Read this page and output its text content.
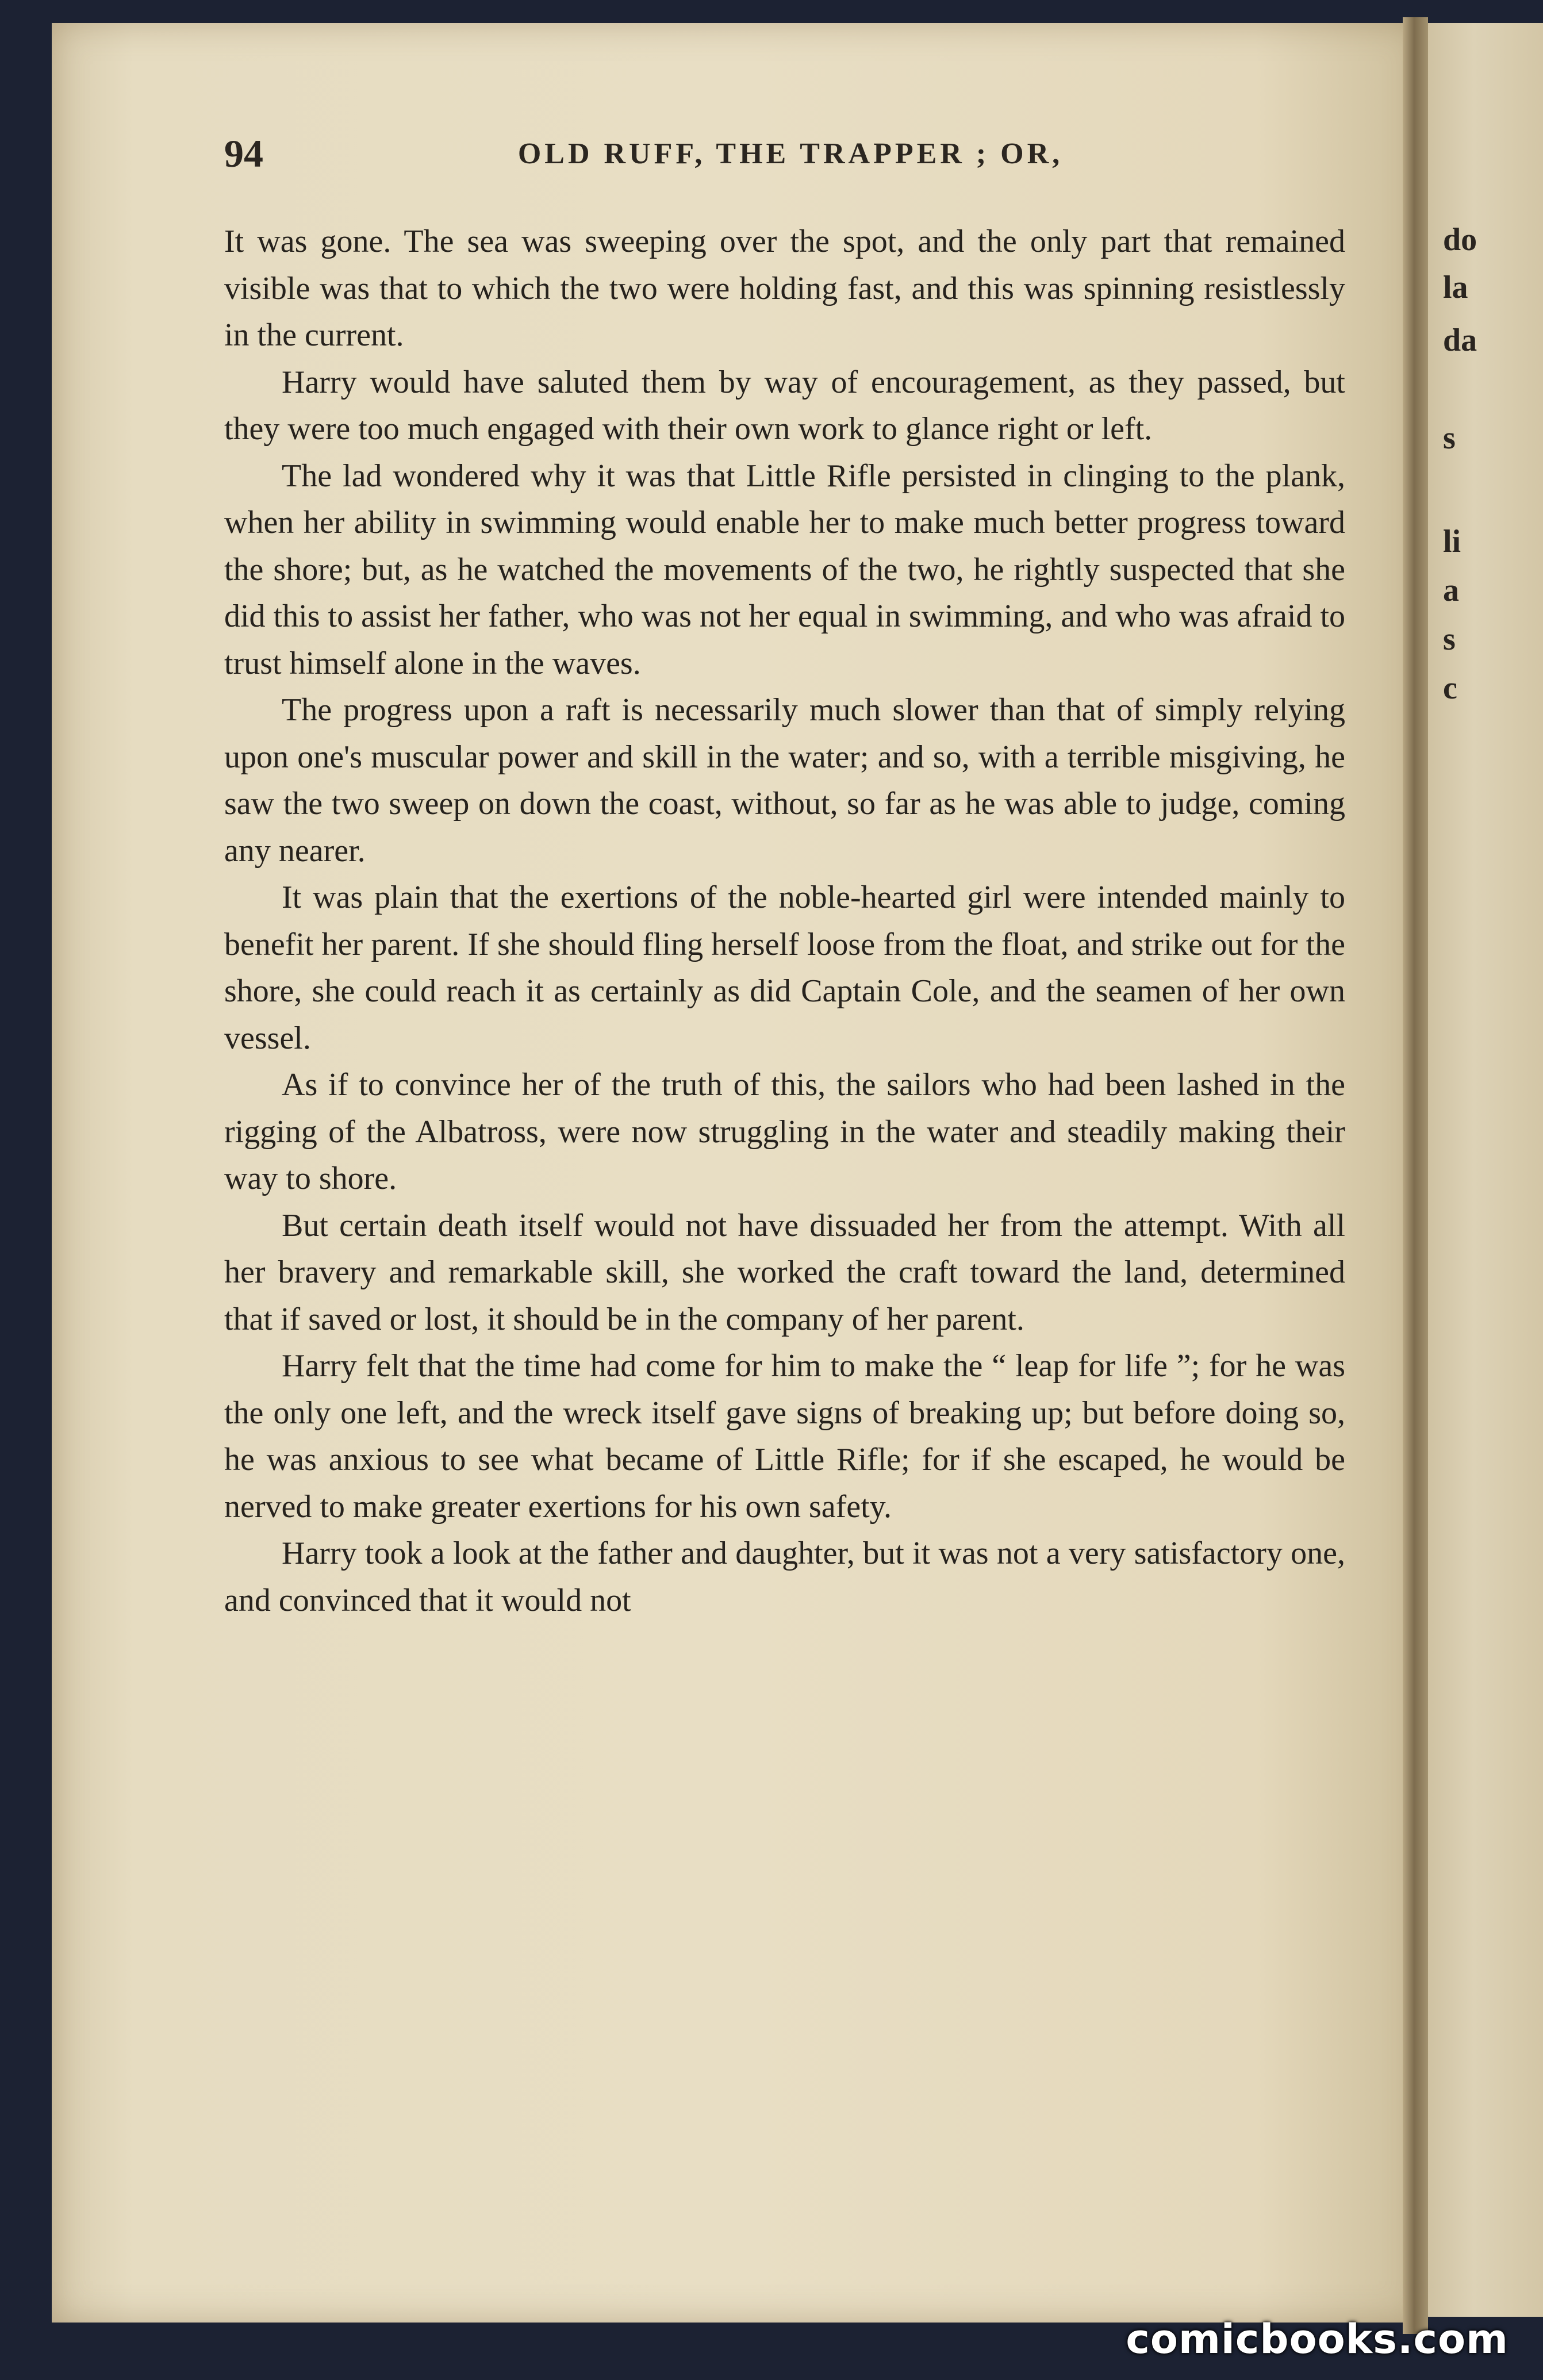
do
la
da
s
li
a
s
c
94	OLD RUFF, THE TRAPPER ; OR,

It was gone. The sea was sweeping over the spot, and the only part that remained visible was that to which the two were holding fast, and this was spinning resistlessly in the current.

Harry would have saluted them by way of encouragement, as they passed, but they were too much engaged with their own work to glance right or left.

The lad wondered why it was that Little Rifle persisted in clinging to the plank, when her ability in swimming would enable her to make much better progress toward the shore; but, as he watched the movements of the two, he rightly suspected that she did this to assist her father, who was not her equal in swimming, and who was afraid to trust himself alone in the waves.

The progress upon a raft is necessarily much slower than that of simply relying upon one's muscular power and skill in the water; and so, with a terrible misgiving, he saw the two sweep on down the coast, without, so far as he was able to judge, coming any nearer.

It was plain that the exertions of the noble-hearted girl were intended mainly to benefit her parent. If she should fling herself loose from the float, and strike out for the shore, she could reach it as certainly as did Captain Cole, and the seamen of her own vessel.

As if to convince her of the truth of this, the sailors who had been lashed in the rigging of the Albatross, were now struggling in the water and steadily making their way to shore.

But certain death itself would not have dissuaded her from the attempt. With all her bravery and remarkable skill, she worked the craft toward the land, determined that if saved or lost, it should be in the company of her parent.

Harry felt that the time had come for him to make the “ leap for life ”; for he was the only one left, and the wreck itself gave signs of breaking up; but before doing so, he was anxious to see what became of Little Rifle; for if she escaped, he would be nerved to make greater exertions for his own safety.

Harry took a look at the father and daughter, but it was not a very satisfactory one, and convinced that it would not

comicbooks.com
